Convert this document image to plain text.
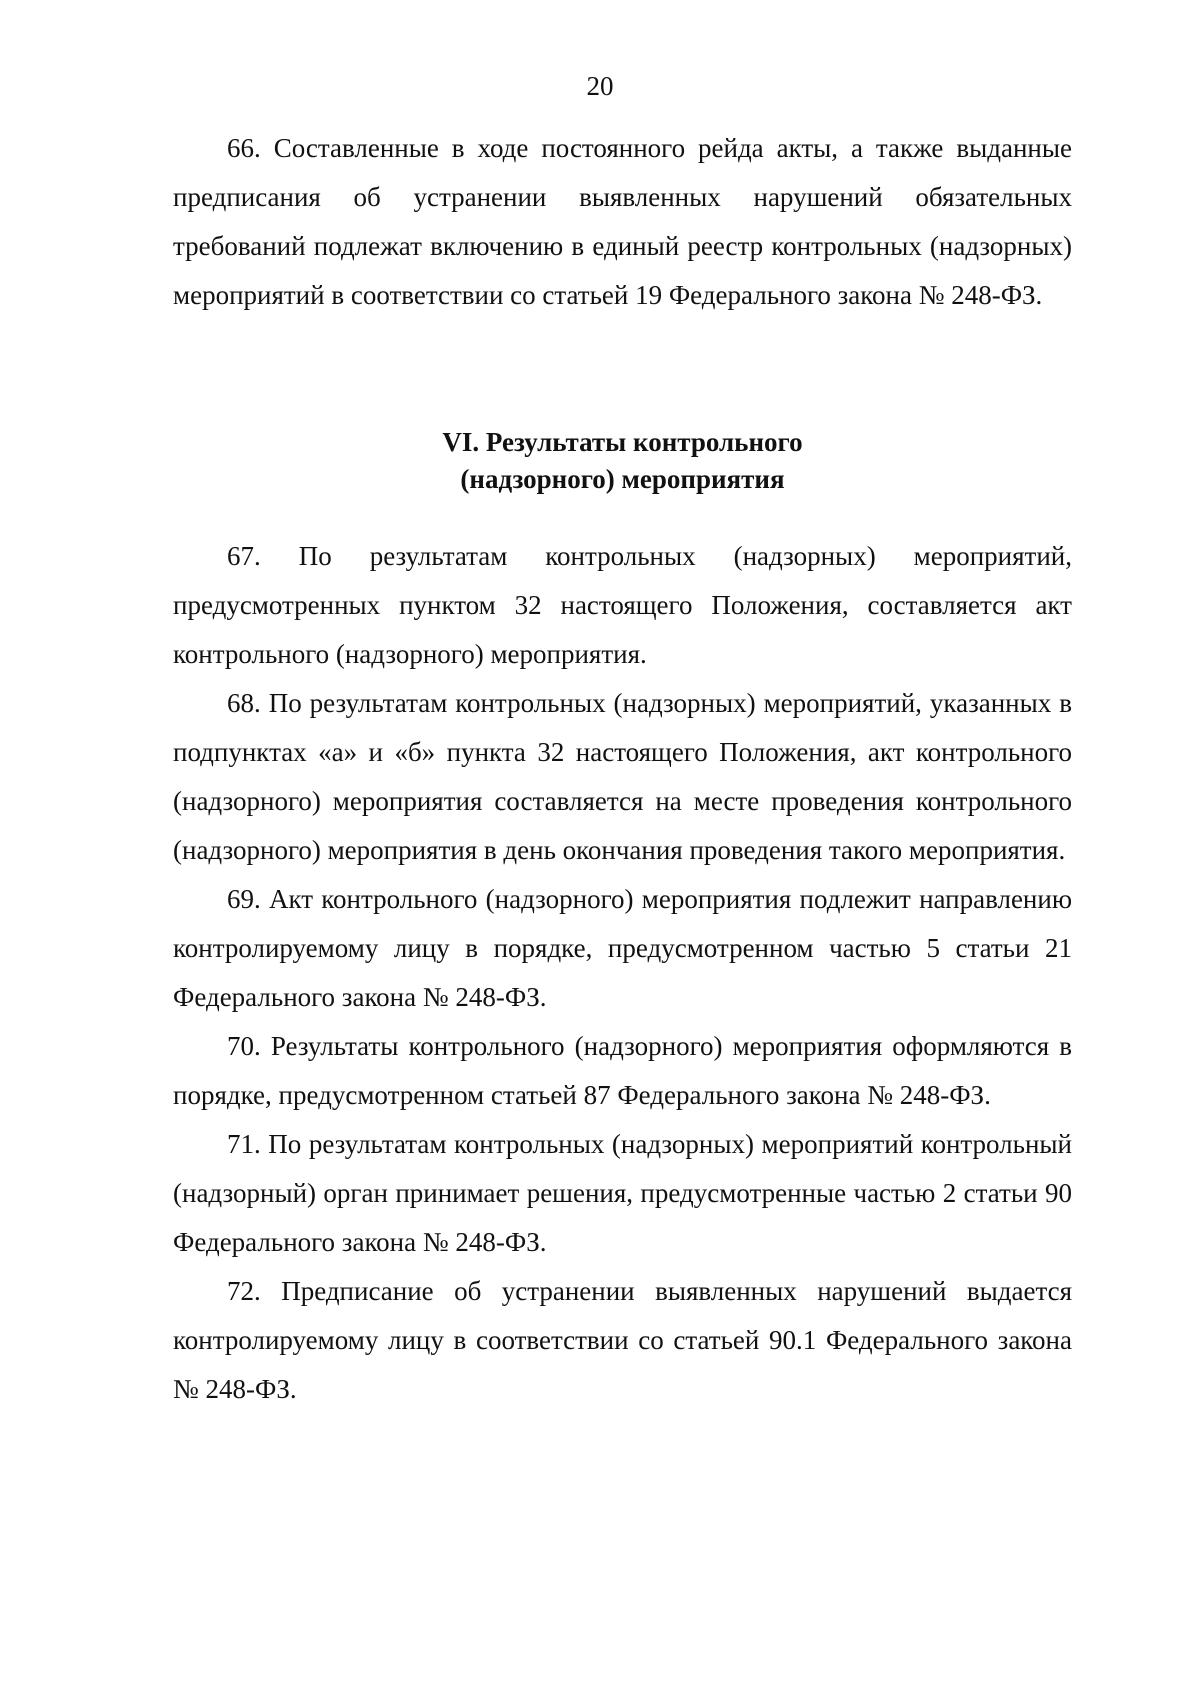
20

66. Составленные в ходе постоянного рейда акты, а также выданные предписания об устранении выявленных нарушений обязательных требований подлежат включению в единый реестр контрольных (надзорных) мероприятий в соответствии со статьей 19 Федерального закона № 248-ФЗ.

VI. Результаты контрольного
(надзорного) мероприятия

67. По результатам контрольных (надзорных) мероприятий, предусмотренных пунктом 32 настоящего Положения, составляется акт контрольного (надзорного) мероприятия.

68. По результатам контрольных (надзорных) мероприятий, указанных в подпунктах «а» и «б» пункта 32 настоящего Положения, акт контрольного (надзорного) мероприятия составляется на месте проведения контрольного (надзорного) мероприятия в день окончания проведения такого мероприятия.

69. Акт контрольного (надзорного) мероприятия подлежит направлению контролируемому лицу в порядке, предусмотренном частью 5 статьи 21 Федерального закона № 248-ФЗ.

70. Результаты контрольного (надзорного) мероприятия оформляются в порядке, предусмотренном статьей 87 Федерального закона № 248-ФЗ.

71. По результатам контрольных (надзорных) мероприятий контрольный (надзорный) орган принимает решения, предусмотренные частью 2 статьи 90 Федерального закона № 248-ФЗ.

72. Предписание об устранении выявленных нарушений выдается контролируемому лицу в соответствии со статьей 90.1 Федерального закона № 248-ФЗ.
